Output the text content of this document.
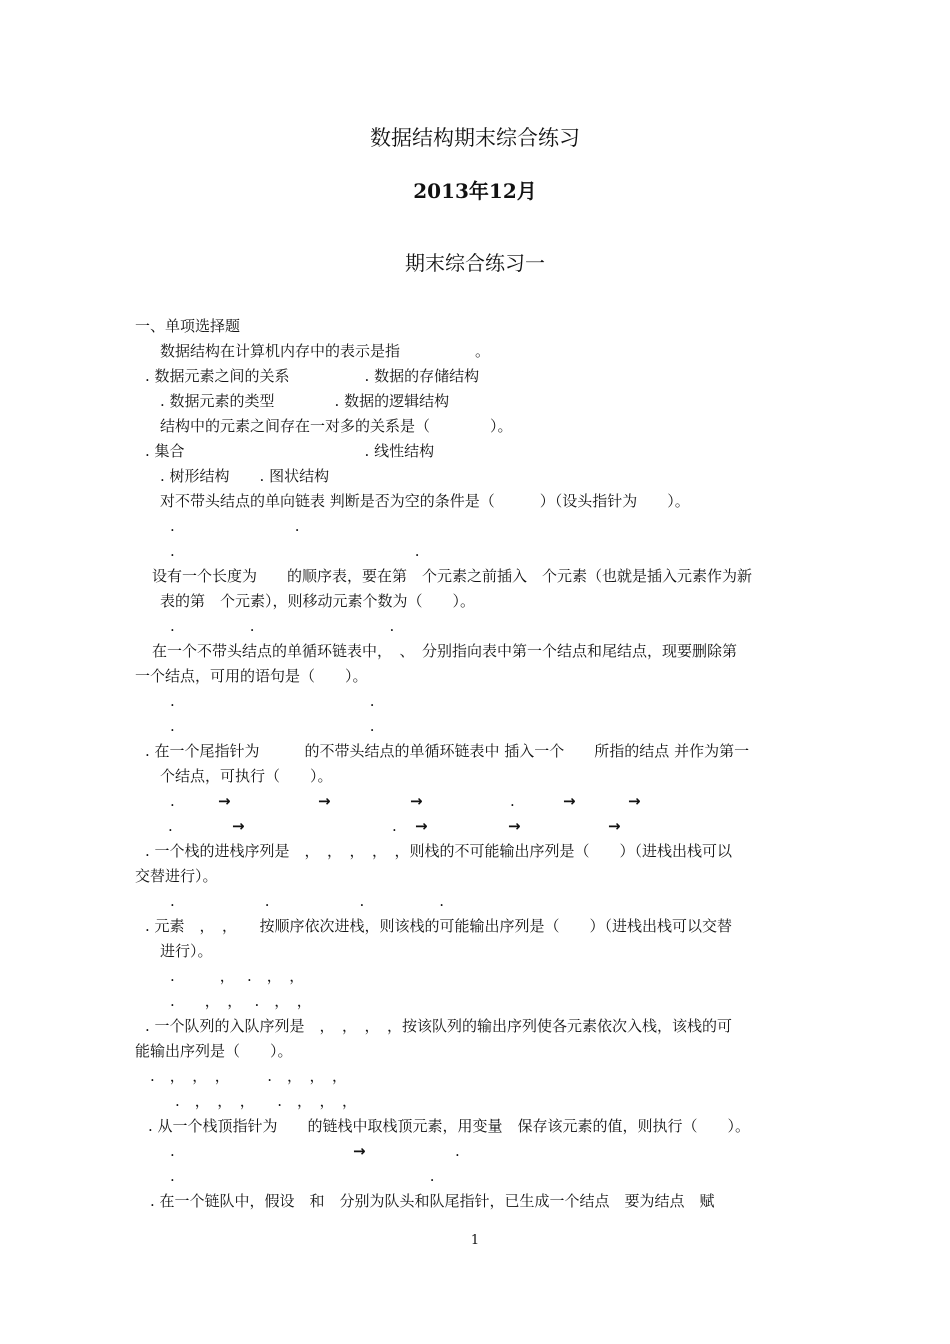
数据结构期末综合练习
2013年12月
期末综合练习一
一、单项选择题
数据结构在计算机内存中的表示是指　　　　　。
. 数据元素之间的关系　　　　　. 数据的存储结构
. 数据元素的类型　　　　. 数据的逻辑结构
结构中的元素之间存在一对多的关系是（　　　　）。
. 集合　　　　　　　　　　　　. 线性结构
. 树形结构　　. 图状结构
对不带头结点的单向链表 判断是否为空的条件是（　　　）（设头指针为　　）。
.　　　　　　　　.
.　　　　　　　　　　　　　　　　.
设有一个长度为　　的顺序表，要在第　个元素之前插入　个元素（也就是插入元素作为新
表的第　个元素），则移动元素个数为（　　）。
.　　　　　.　　　　　　　　　.
在一个不带头结点的单循环链表中，　、　分别指向表中第一个结点和尾结点，现要删除第
一个结点，可用的语句是（　　）。
.　　　　　　　　　　　　　.
.　　　　　　　　　　　　　.
. 在一个尾指针为　　　的不带头结点的单循环链表中 插入一个　　所指的结点 并作为第一
个结点，可执行（　　）。
.	→	→	→	.	→	→
.	→	. →	→	→
. 一个栈的进栈序列是　，　，　，　，　，则栈的不可能输出序列是（　　）（进栈出栈可以
交替进行）。
.　　　　　　.　　　　　　.　　　　　.
. 元素　，　，　　按顺序依次进栈，则该栈的可能输出序列是（　　）（进栈出栈可以交替
进行）。
.　　　，　 .　，　，
.　　，　，　 .　，　，
. 一个队列的入队序列是　，　，　，　，按该队列的输出序列使各元素依次入栈，该栈的可
能输出序列是（　　）。
.　，　，　，　　　.　，　，　，
.　，　，　，　　.　，　，　，
. 从一个栈顶指针为　　的链栈中取栈顶元素，用变量　保存该元素的值，则执行（　　）。
.	→	.
.　　　　　　　　　　　　　　　　　.
. 在一个链队中，假设　和　分别为队头和队尾指针，已生成一个结点　要为结点　赋
1
